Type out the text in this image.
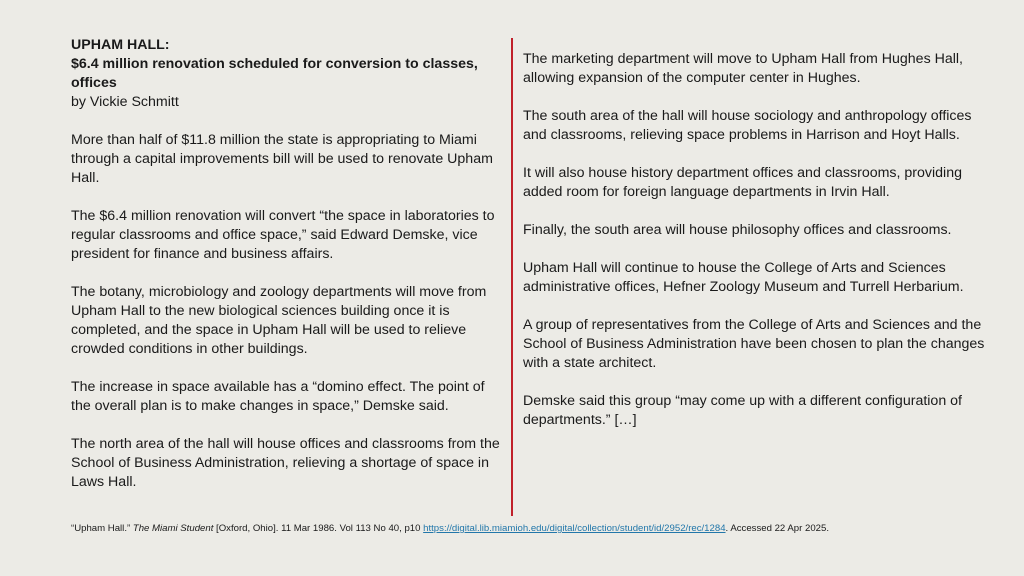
UPHAM HALL:

$6.4 million renovation scheduled for conversion to classes, offices

by Vickie Schmitt

More than half of $11.8 million the state is appropriating to Miami through a capital improvements bill will be used to renovate Upham Hall.

The $6.4 million renovation will convert “the space in laboratories to regular classrooms and office space,” said Edward Demske, vice president for finance and business affairs.

The botany, microbiology and zoology departments will move from Upham Hall to the new biological sciences building once it is completed, and the space in Upham Hall will be used to relieve crowded conditions in other buildings.

The increase in space available has a “domino effect. The point of the overall plan is to make changes in space,” Demske said.

The north area of the hall will house offices and classrooms from the School of Business Administration, relieving a shortage of space in Laws Hall.

The marketing department will move to Upham Hall from Hughes Hall, allowing expansion of the computer center in Hughes.

The south area of the hall will house sociology and anthropology offices and classrooms, relieving space problems in Harrison and Hoyt Halls.

It will also house history department offices and classrooms, providing added room for foreign language departments in Irvin Hall.

Finally, the south area will house philosophy offices and classrooms.

Upham Hall will continue to house the College of Arts and Sciences administrative offices, Hefner Zoology Museum and Turrell Herbarium.

A group of representatives from the College of Arts and Sciences and the School of Business Administration have been chosen to plan the changes with a state architect.

Demske said this group “may come up with a different configuration of departments.” […]

“Upham Hall.” The Miami Student [Oxford, Ohio]. 11 Mar 1986. Vol 113 No 40, p10 https://digital.lib.miamioh.edu/digital/collection/student/id/2952/rec/1284. Accessed 22 Apr 2025.
